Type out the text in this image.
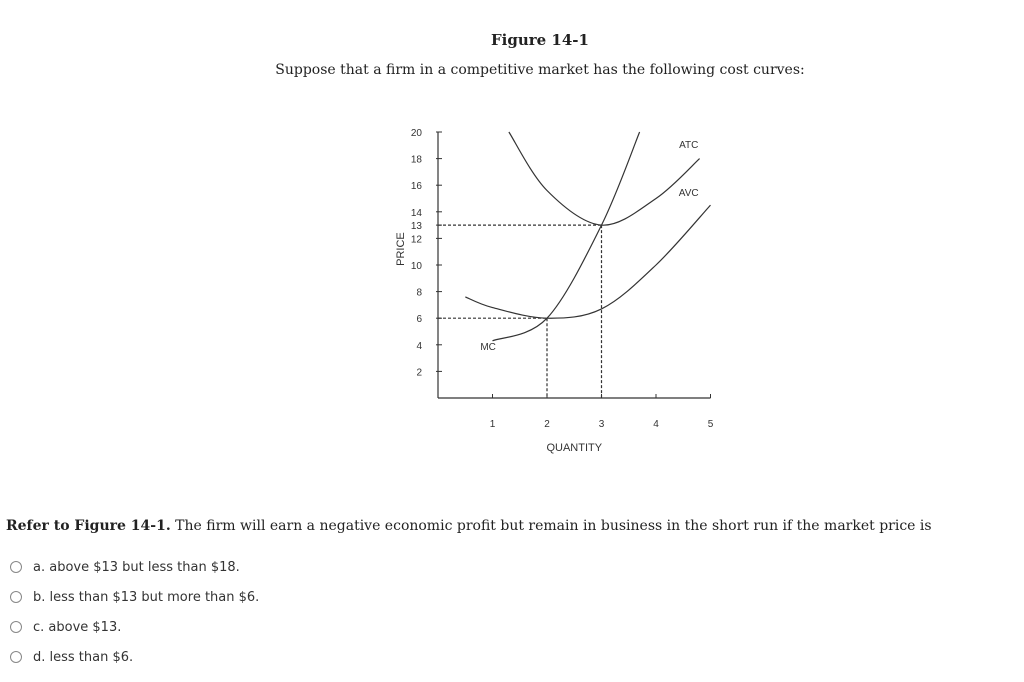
Figure 14-1
Suppose that a firm in a competitive market has the following cost curves:
2
4
6
8
10
12
13
14
16
18
20
1	2	3	4	5
QUANTITY
PRICE
MC
ATC
AVC
Refer to Figure 14-1. The firm will earn a negative economic profit but remain in business in the short run if the market price is
a. above $13 but less than $18.
b. less than $13 but more than $6.
c. above $13.
d. less than $6.
